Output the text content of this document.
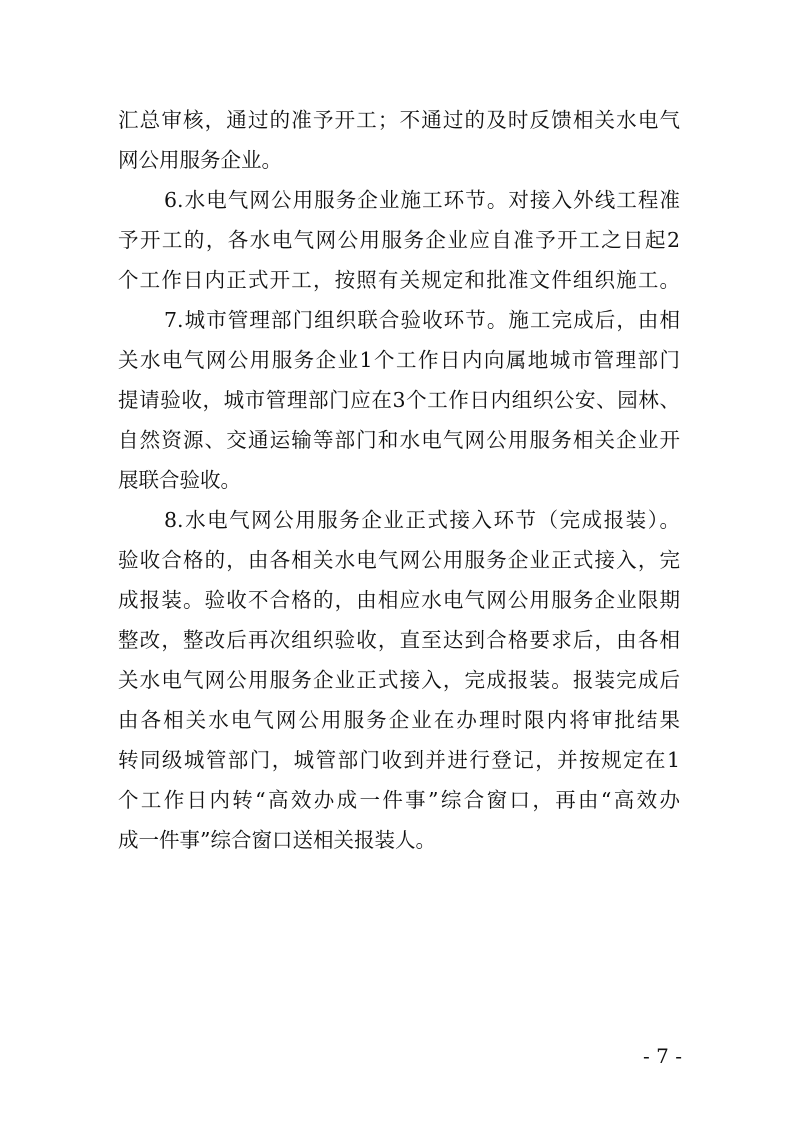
汇总审核，通过的准予开工；不通过的及时反馈相关水电气
网公用服务企业。
6.水电气网公用服务企业施工环节。对接入外线工程准
予开工的，各水电气网公用服务企业应自准予开工之日起2
个工作日内正式开工，按照有关规定和批准文件组织施工。
7.城市管理部门组织联合验收环节。施工完成后，由相
关水电气网公用服务企业1个工作日内向属地城市管理部门
提请验收，城市管理部门应在3个工作日内组织公安、园林、
自然资源、交通运输等部门和水电气网公用服务相关企业开
展联合验收。
8.水电气网公用服务企业正式接入环节（完成报装）。
验收合格的，由各相关水电气网公用服务企业正式接入，完
成报装。验收不合格的，由相应水电气网公用服务企业限期
整改，整改后再次组织验收，直至达到合格要求后，由各相
关水电气网公用服务企业正式接入，完成报装。报装完成后
由各相关水电气网公用服务企业在办理时限内将审批结果
转同级城管部门，城管部门收到并进行登记，并按规定在1
个工作日内转“高效办成一件事”综合窗口，再由“高效办
成一件事”综合窗口送相关报装人。
- 7 -
